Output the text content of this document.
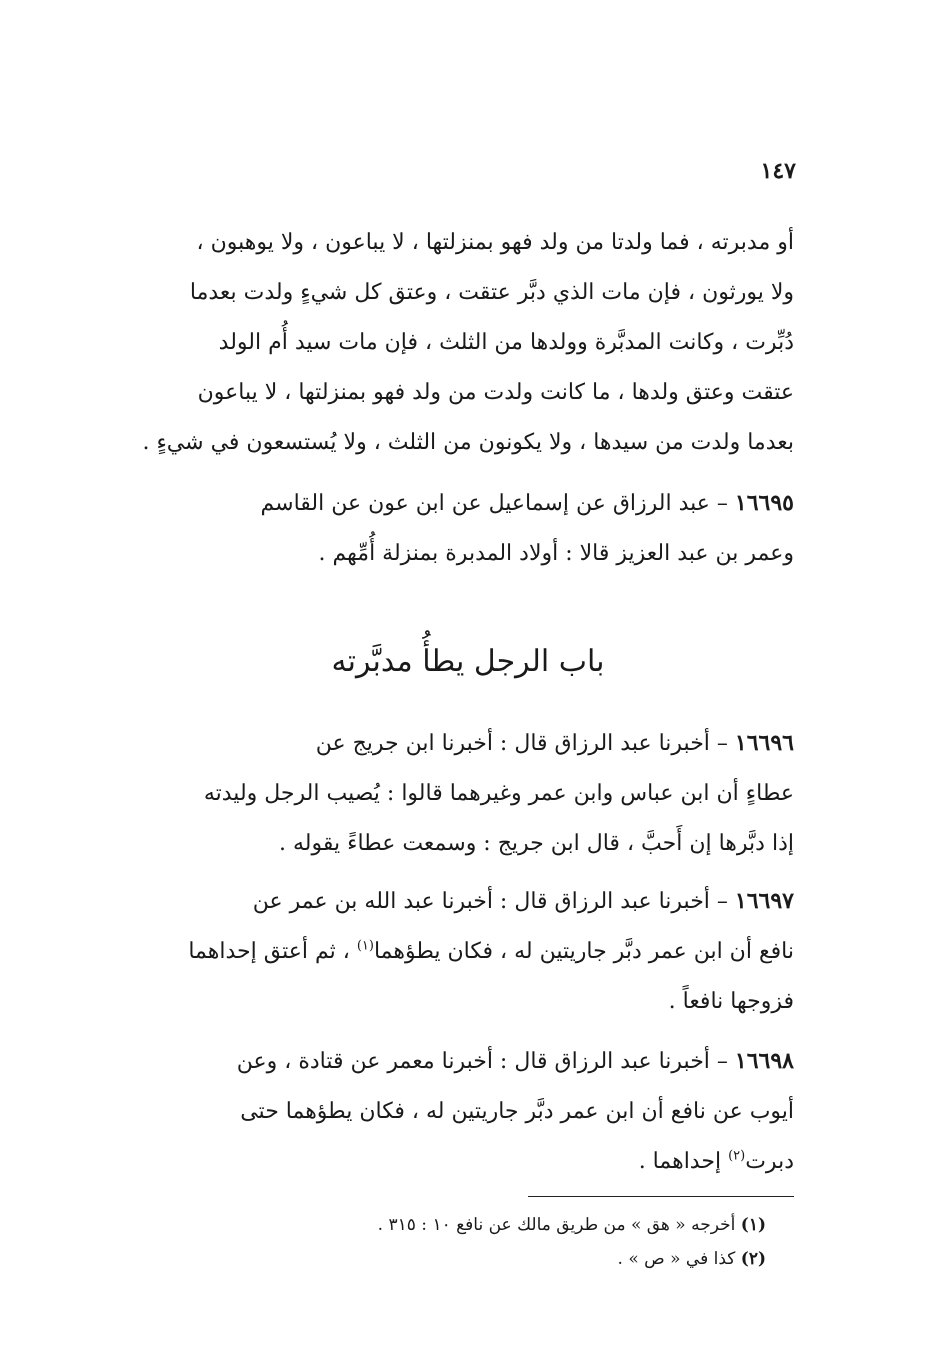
١٤٧

أو مدبرته ، فما ولدتا من ولد فهو بمنزلتها ، لا يباعون ، ولا يوهبون ،

ولا يورثون ، فإن مات الذي دبَّر عتقت ، وعتق كل شيءٍ ولدت بعدما

دُبِّرت ، وكانت المدبَّرة وولدها من الثلث ، فإن مات سيد أُم الولد

عتقت وعتق ولدها ، ما كانت ولدت من ولد فهو بمنزلتها ، لا يباعون

بعدما ولدت من سيدها ، ولا يكونون من الثلث ، ولا يُستسعون في شيءٍ .

١٦٦٩٥ – عبد الرزاق عن إسماعيل عن ابن عون عن القاسم

وعمر بن عبد العزيز قالا : أولاد المدبرة بمنزلة أُمِّهم .

باب الرجل يطأُ مدبَّرته

١٦٦٩٦ – أخبرنا عبد الرزاق قال : أخبرنا ابن جريج عن

عطاءٍ أن ابن عباس وابن عمر وغيرهما قالوا : يُصيب الرجل وليدته

إذا دبَّرها إن أَحبَّ ، قال ابن جريج : وسمعت عطاءً يقوله .

١٦٦٩٧ – أخبرنا عبد الرزاق قال : أخبرنا عبد الله بن عمر عن

نافع أن ابن عمر دبَّر جاريتين له ، فكان يطؤهما$^{(١)}$ ، ثم أعتق إحداهما

فزوجها نافعاً .

١٦٦٩٨ – أخبرنا عبد الرزاق قال : أخبرنا معمر عن قتادة ، وعن

أيوب عن نافع أن ابن عمر دبَّر جاريتين له ، فكان يطؤهما حتى

دبرت$^{(٢)}$ إحداهما .

(١) أخرجه « هق » من طريق مالك عن نافع ١٠ : ٣١٥ .
(٢) كذا في « ص » .
